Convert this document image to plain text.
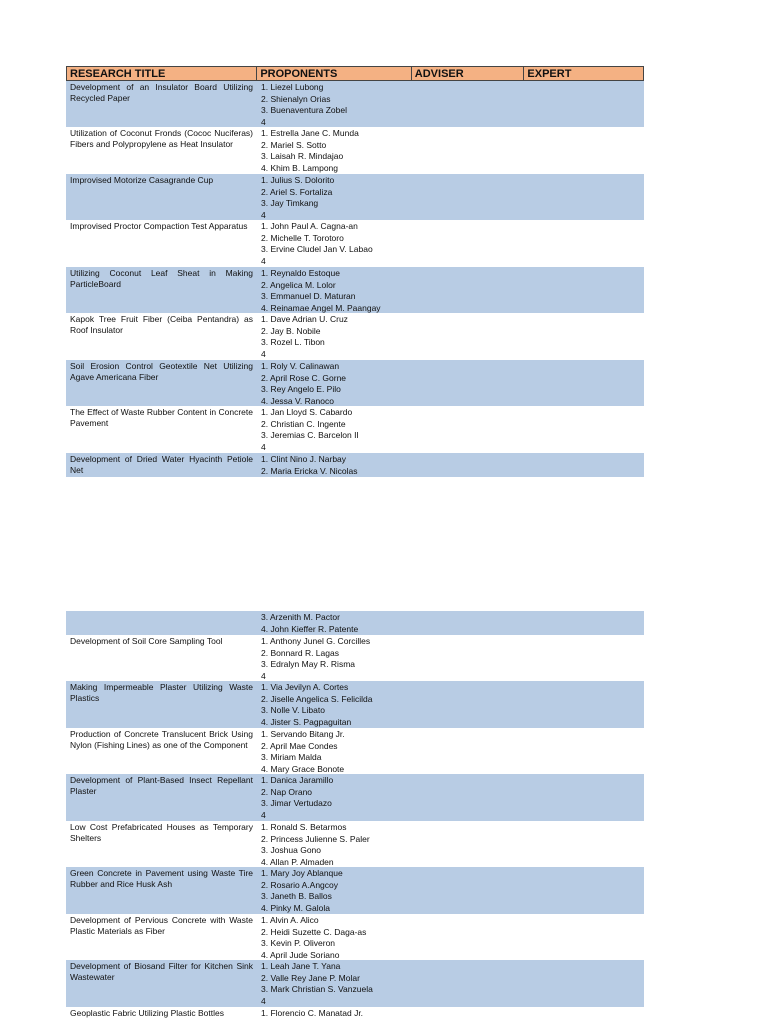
RESEARCH TITLE	PROPONENTS	ADVISER	EXPERT
Development of an Insulator Board Utilizing Recycled Paper
1. Liezel Lubong
2. Shienalyn Orias
3. Buenaventura Zobel
4
Utilization of Coconut Fronds (Cococ Nuciferas) Fibers and Polypropylene as Heat Insulator
1. Estrella Jane C. Munda
2. Mariel S. Sotto
3. Laisah R. Mindajao
4. Khim B. Lampong
Improvised Motorize Casagrande Cup	1. Julius S. Dolorito
2. Ariel S. Fortaliza
3. Jay Timkang
4
Improvised Proctor Compaction Test Apparatus	1. John Paul A. Cagna-an
2. Michelle T. Torotoro
3. Ervine Cludel Jan V. Labao
4
Utilizing Coconut Leaf Sheat in Making ParticleBoard
1. Reynaldo Estoque
2. Angelica M. Lolor
3. Emmanuel D. Maturan
4. Reinamae Angel M. Paangay
Kapok Tree Fruit Fiber (Ceiba Pentandra) as Roof Insulator
1. Dave Adrian U. Cruz
2. Jay B. Nobile
3. Rozel L. Tibon
4
Soil Erosion Control Geotextile Net Utilizing Agave Americana Fiber
1. Roly V. Calinawan
2. April Rose C. Gorne
3. Rey Angelo E. Pilo
4. Jessa V. Ranoco
The Effect of Waste Rubber Content in Concrete Pavement
1. Jan Lloyd S. Cabardo
2. Christian C. Ingente
3. Jeremias C. Barcelon II
4
Development of Dried Water Hyacinth Petiole Net
1. Clint Nino J. Narbay
2. Maria Ericka V. Nicolas
3. Arzenith M. Pactor
4. John Kieffer R. Patente
Development of Soil Core Sampling Tool	1. Anthony Junel G. Corcilles
2. Bonnard R. Lagas
3. Edralyn May R. Risma
4
Making Impermeable Plaster Utilizing Waste Plastics
1. Via Jevilyn A. Cortes
2. Jiselle Angelica S. Felicilda
3. Nolle V. Libato
4. Jister S. Pagpaguitan
Production of Concrete Translucent Brick Using Nylon (Fishing Lines) as one of the Component
1. Servando Bitang Jr.
2. April Mae Condes
3. Miriam Malda
4. Mary Grace Bonote
Development of Plant-Based Insect Repellant Plaster
1. Danica Jaramillo
2. Nap Orano
3. Jimar Vertudazo
4
Low Cost Prefabricated Houses as Temporary Shelters
1. Ronald S. Betarmos
2. Princess Julienne S. Paler
3. Joshua Gono
4. Allan P. Almaden
Green Concrete in Pavement using Waste Tire Rubber and Rice Husk Ash
1. Mary Joy Ablanque
2. Rosario A.Angcoy
3. Janeth B. Ballos
4. Pinky M. Galola
Development of Pervious Concrete with Waste Plastic Materials as Fiber
1. Alvin A. Alico
2. Heidi Suzette C. Daga-as
3. Kevin P. Oliveron
4. April Jude Soriano
Development of Biosand Filter for Kitchen Sink Wastewater
1. Leah Jane T. Yana
2. Valle Rey Jane P. Molar
3. Mark Christian S. Vanzuela
4
Geoplastic Fabric Utilizing Plastic Bottles	1. Florencio C. Manatad Jr.
